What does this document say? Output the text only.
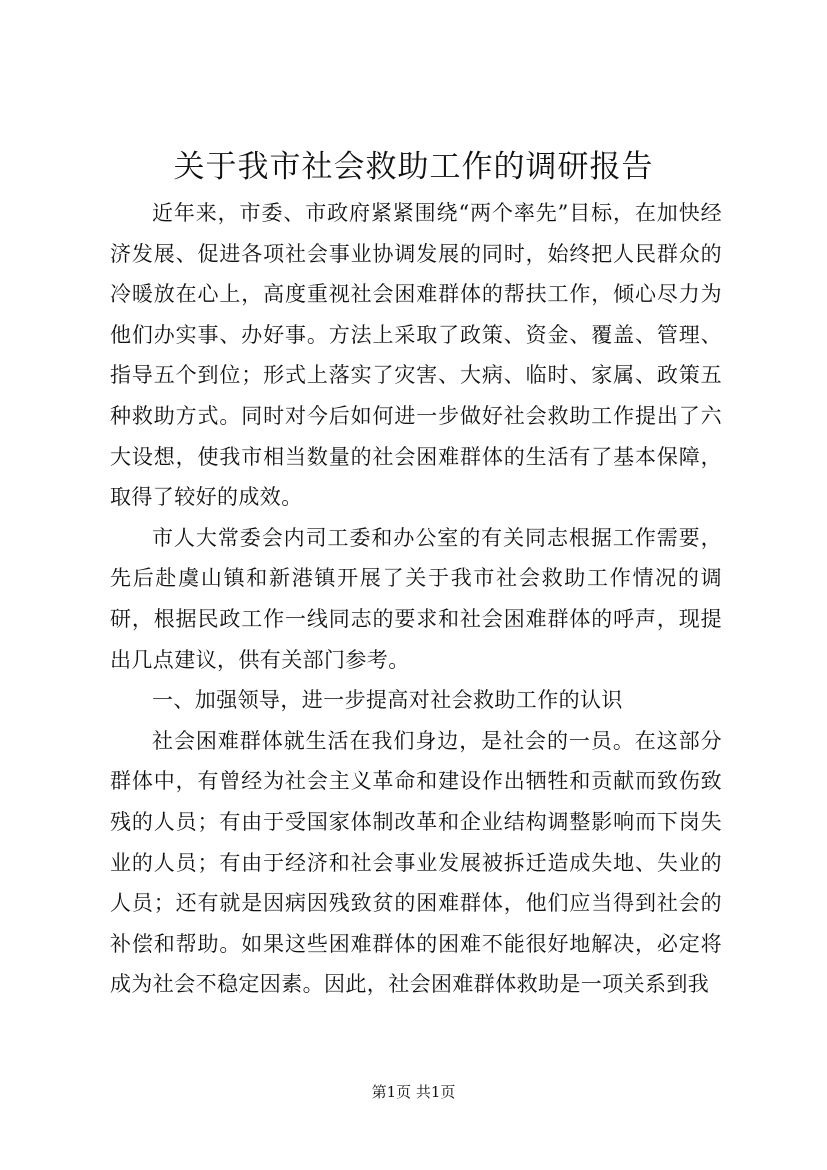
关于我市社会救助工作的调研报告

近年来，市委、市政府紧紧围绕“两个率先”目标，在加快经济发展、促进各项社会事业协调发展的同时，始终把人民群众的冷暖放在心上，高度重视社会困难群体的帮扶工作，倾心尽力为他们办实事、办好事。方法上采取了政策、资金、覆盖、管理、指导五个到位；形式上落实了灾害、大病、临时、家属、政策五种救助方式。同时对今后如何进一步做好社会救助工作提出了六大设想，使我市相当数量的社会困难群体的生活有了基本保障，取得了较好的成效。

市人大常委会内司工委和办公室的有关同志根据工作需要，先后赴虞山镇和新港镇开展了关于我市社会救助工作情况的调研，根据民政工作一线同志的要求和社会困难群体的呼声，现提出几点建议，供有关部门参考。

一、加强领导，进一步提高对社会救助工作的认识

社会困难群体就生活在我们身边，是社会的一员。在这部分群体中，有曾经为社会主义革命和建设作出牺牲和贡献而致伤致残的人员；有由于受国家体制改革和企业结构调整影响而下岗失业的人员；有由于经济和社会事业发展被拆迁造成失地、失业的人员；还有就是因病因残致贫的困难群体，他们应当得到社会的补偿和帮助。如果这些困难群体的困难不能很好地解决，必定将成为社会不稳定因素。因此，社会困难群体救助是一项关系到我

第1页 共1页
